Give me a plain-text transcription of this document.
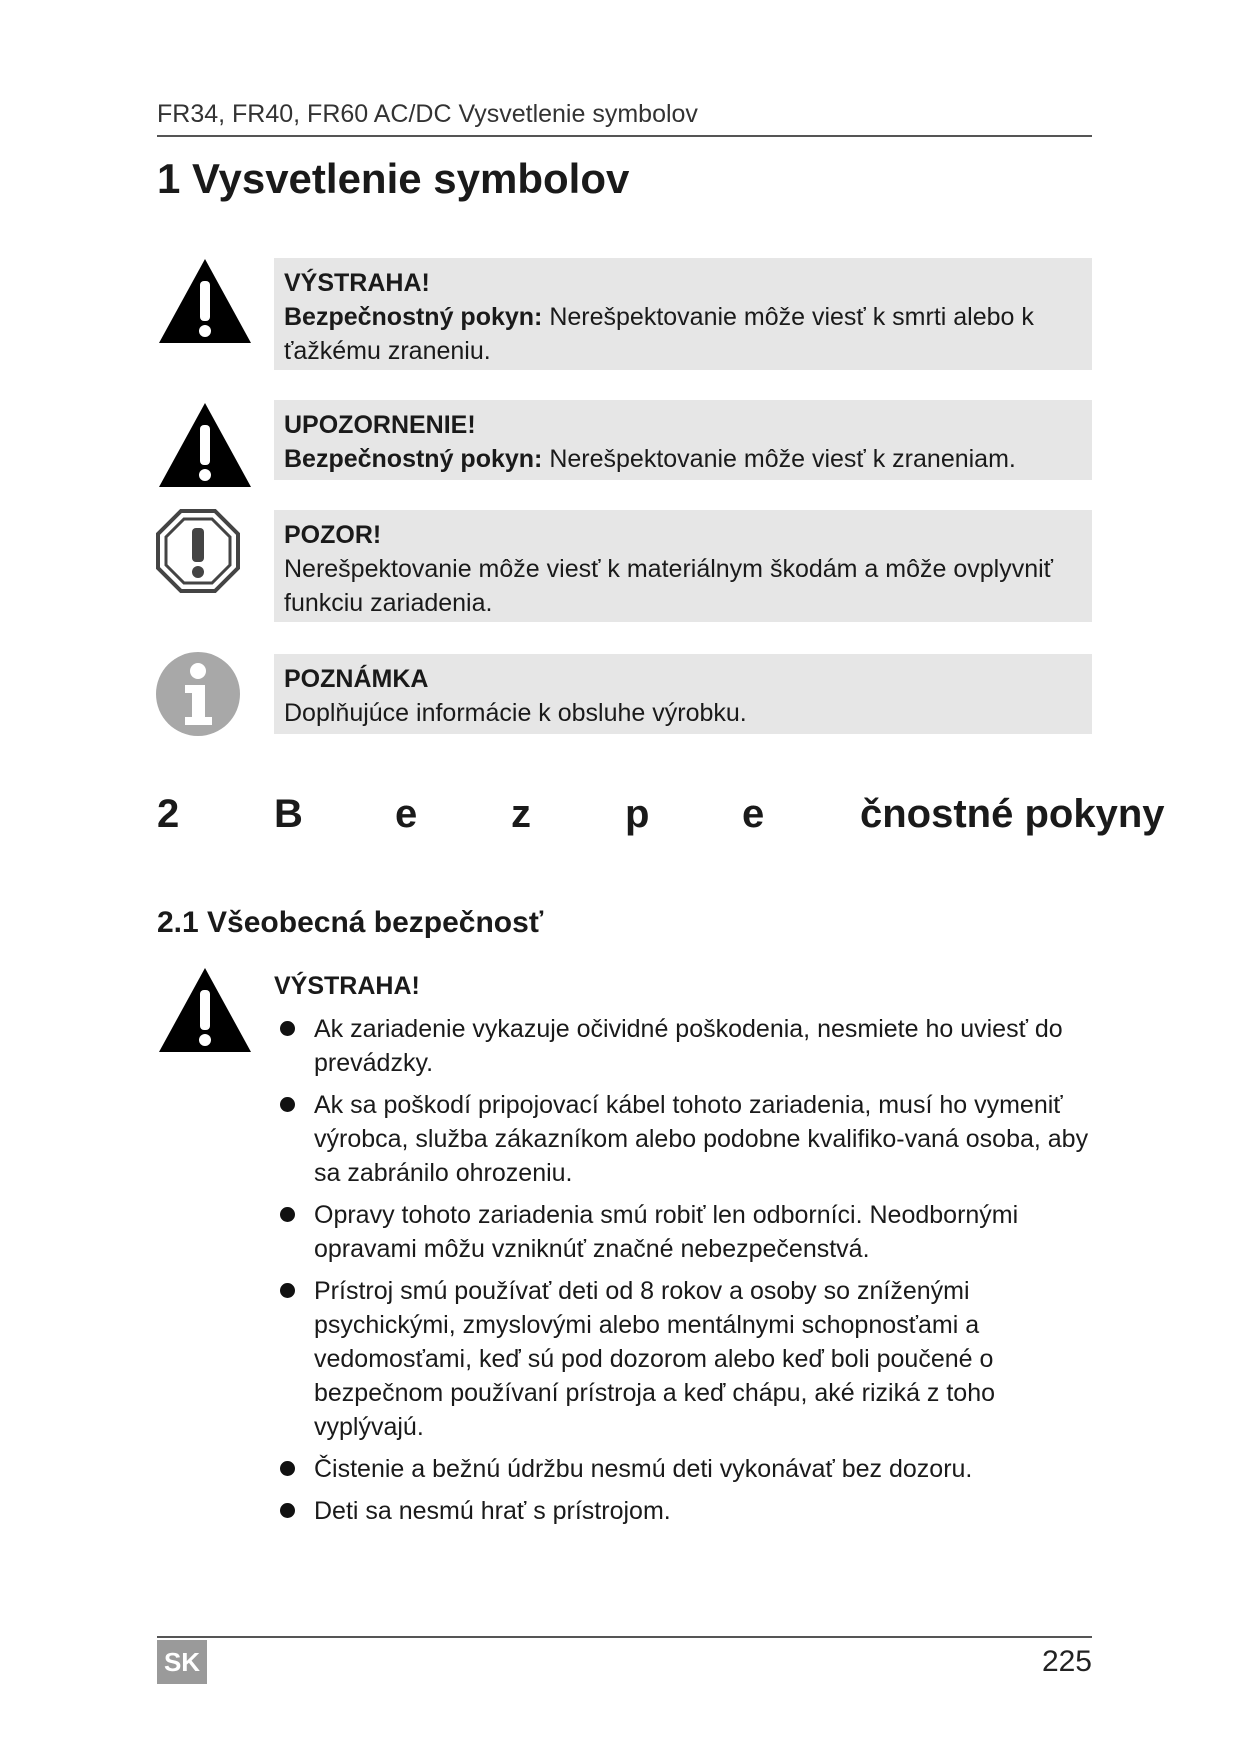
FR34, FR40, FR60 AC/DC Vysvetlenie symbolov
1 Vysvetlenie symbolov
VÝSTRAHA!
Bezpečnostný pokyn: Nerešpektovanie môže viesť k smrti alebo k ťažkému zraneniu.
UPOZORNENIE!
Bezpečnostný pokyn: Nerešpektovanie môže viesť k zraneniam.
POZOR!
Nerešpektovanie môže viesť k materiálnym škodám a môže ovplyvniť funkciu zariadenia.
POZNÁMKA
Doplňujúce informácie k obsluhe výrobku.
2 B e z p e čnostné pokyny
2.1 Všeobecná bezpečnosť
VÝSTRAHA!
Ak zariadenie vykazuje očividné poškodenia, nesmiete ho uviesť do prevádzky.
Ak sa poškodí pripojovací kábel tohoto zariadenia, musí ho vymeniť výrobca, služba zákazníkom alebo podobne kvalifiko-vaná osoba, aby sa zabránilo ohrozeniu.
Opravy tohoto zariadenia smú robiť len odborníci. Neodbornými opravami môžu vzniknúť značné nebezpečenstvá.
Prístroj smú používať deti od 8 rokov a osoby so zníženými psychickými, zmyslovými alebo mentálnymi schopnosťami a vedomosťami, keď sú pod dozorom alebo keď boli poučené o bezpečnom používaní prístroja a keď chápu, aké riziká z toho vyplývajú.
Čistenie a bežnú údržbu nesmú deti vykonávať bez dozoru.
Deti sa nesmú hrať s prístrojom.
SK	225
